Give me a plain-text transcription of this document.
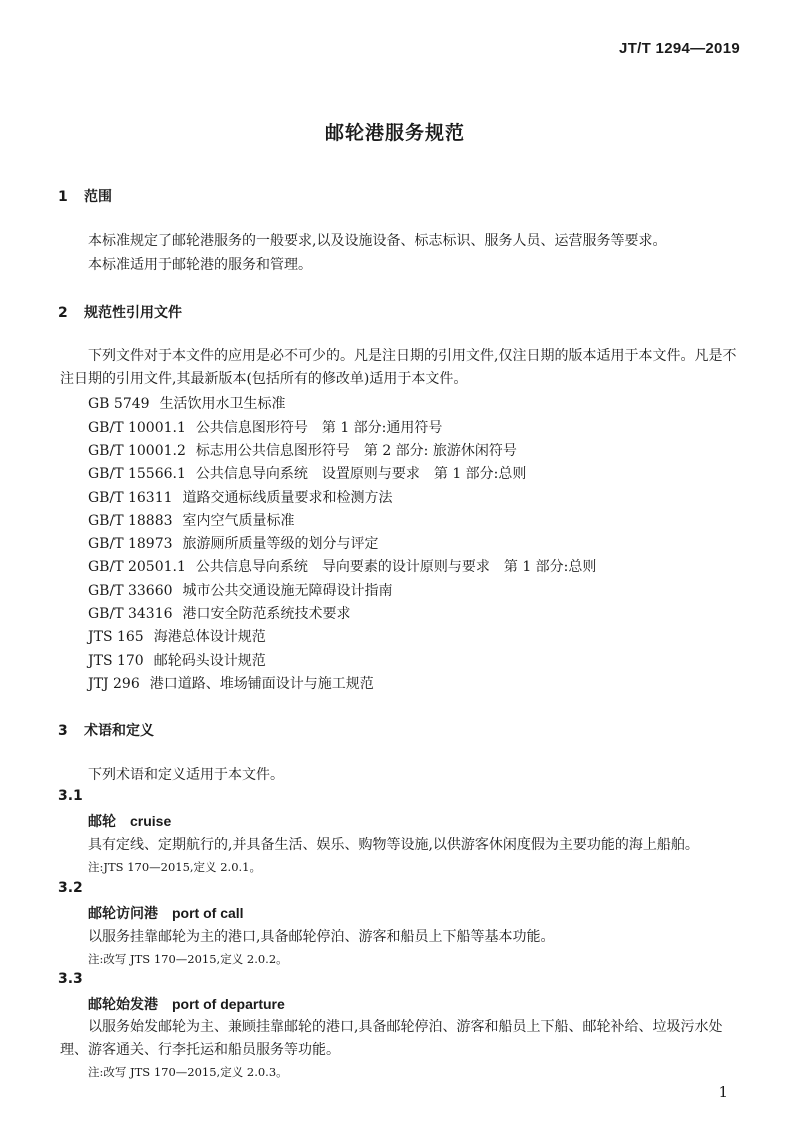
JT/T 1294—2019
邮轮港服务规范
1 范围
本标准规定了邮轮港服务的一般要求,以及设施设备、标志标识、服务人员、运营服务等要求。
本标准适用于邮轮港的服务和管理。
2 规范性引用文件
下列文件对于本文件的应用是必不可少的。凡是注日期的引用文件,仅注日期的版本适用于本文件。凡是不注日期的引用文件,其最新版本(包括所有的修改单)适用于本文件。
GB 5749 生活饮用水卫生标准
GB/T 10001.1 公共信息图形符号　第 1 部分:通用符号
GB/T 10001.2 标志用公共信息图形符号　第 2 部分: 旅游休闲符号
GB/T 15566.1 公共信息导向系统　设置原则与要求　第 1 部分:总则
GB/T 16311 道路交通标线质量要求和检测方法
GB/T 18883 室内空气质量标准
GB/T 18973 旅游厕所质量等级的划分与评定
GB/T 20501.1 公共信息导向系统　导向要素的设计原则与要求　第 1 部分:总则
GB/T 33660 城市公共交通设施无障碍设计指南
GB/T 34316 港口安全防范系统技术要求
JTS 165 海港总体设计规范
JTS 170 邮轮码头设计规范
JTJ 296 港口道路、堆场铺面设计与施工规范
3 术语和定义
下列术语和定义适用于本文件。
3.1
邮轮 cruise
具有定线、定期航行的,并具备生活、娱乐、购物等设施,以供游客休闲度假为主要功能的海上船舶。
注:JTS 170—2015,定义 2.0.1。
3.2
邮轮访问港 port of call
以服务挂靠邮轮为主的港口,具备邮轮停泊、游客和船员上下船等基本功能。
注:改写 JTS 170—2015,定义 2.0.2。
3.3
邮轮始发港 port of departure
以服务始发邮轮为主、兼顾挂靠邮轮的港口,具备邮轮停泊、游客和船员上下船、邮轮补给、垃圾污水处理、游客通关、行李托运和船员服务等功能。
注:改写 JTS 170—2015,定义 2.0.3。
1
